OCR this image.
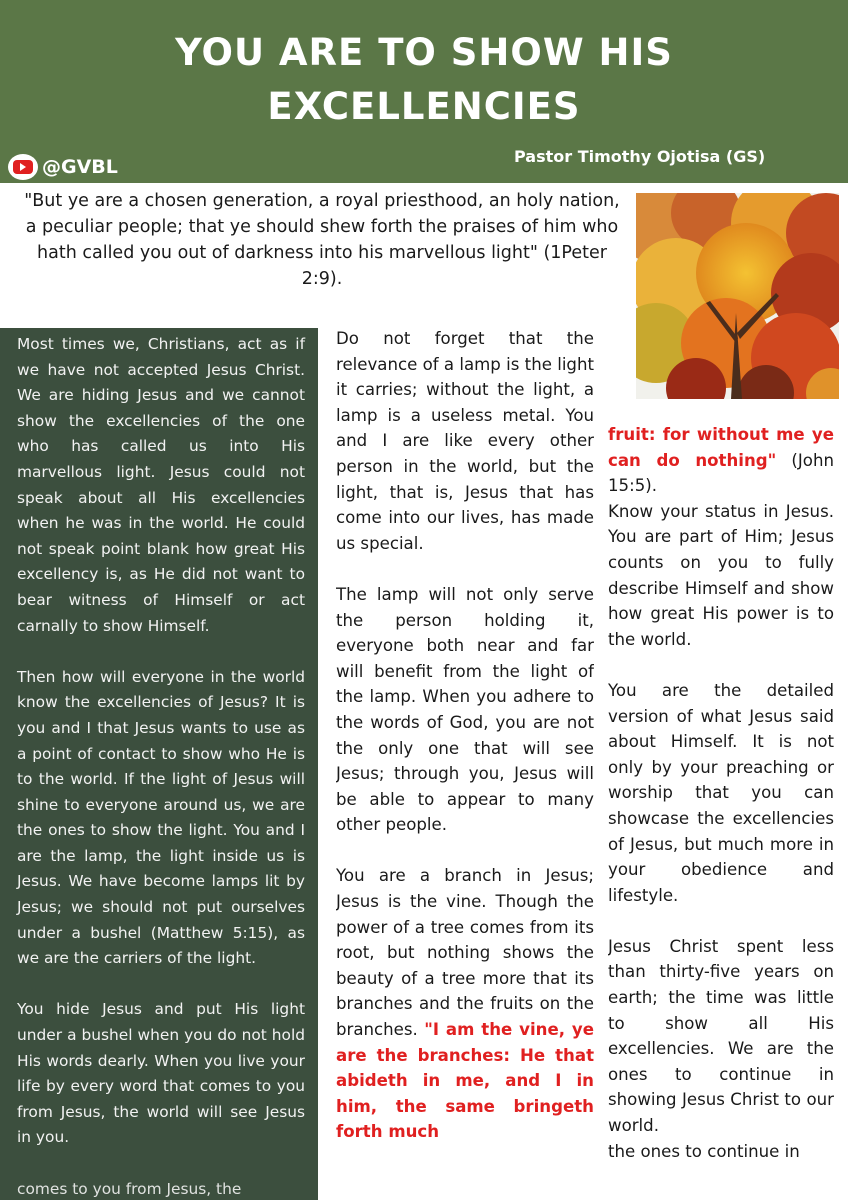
YOU ARE TO SHOW HIS
EXCELLENCIES
@GVBL	Pastor Timothy Ojotisa (GS)
"But ye are a chosen generation, a royal priesthood, an holy nation, a peculiar people; that ye should shew forth the praises of him who hath called you out of darkness into his marvellous light" (1Peter 2:9).

Most times we, Christians, act as if we have not accepted Jesus Christ. We are hiding Jesus and we cannot show the excellencies of the one who has called us into His marvellous light. Jesus could not speak about all His excellencies when he was in the world. He could not speak point blank how great His excellency is, as He did not want to bear witness of Himself or act carnally to show Himself.

Then how will everyone in the world know the excellencies of Jesus? It is you and I that Jesus wants to use as a point of contact to show who He is to the world. If the light of Jesus will shine to everyone around us, we are the ones to show the light. You and I are the lamp, the light inside us is Jesus. We have become lamps lit by Jesus; we should not put ourselves under a bushel (Matthew 5:15), as we are the carriers of the light.

You hide Jesus and put His light under a bushel when you do not hold His words dearly. When you live your life by every word that comes to you from Jesus, the world will see Jesus in you.

comes to you from Jesus, the

Do not forget that the relevance of a lamp is the light it carries; without the light, a lamp is a useless metal. You and I are like every other person in the world, but the light, that is, Jesus that has come into our lives, has made us special.

The lamp will not only serve the person holding it, everyone both near and far will benefit from the light of the lamp. When you adhere to the words of God, you are not the only one that will see Jesus; through you, Jesus will be able to appear to many other people.

You are a branch in Jesus; Jesus is the vine. Though the power of a tree comes from its root, but nothing shows the beauty of a tree more that its branches and the fruits on the branches. "I am the vine, ye are the branches: He that abideth in me, and I in him, the same bringeth forth much
fruit: for without me ye can do nothing" (John 15:5).

Know your status in Jesus. You are part of Him; Jesus counts on you to fully describe Himself and show how great His power is to the world.

You are the detailed version of what Jesus said about Himself. It is not only by your preaching or worship that you can showcase the excellencies of Jesus, but much more in your obedience and lifestyle.

Jesus Christ spent less than thirty-five years on earth; the time was little to show all His excellencies. We are the ones to continue in showing Jesus Christ to our world.
the ones to continue in
